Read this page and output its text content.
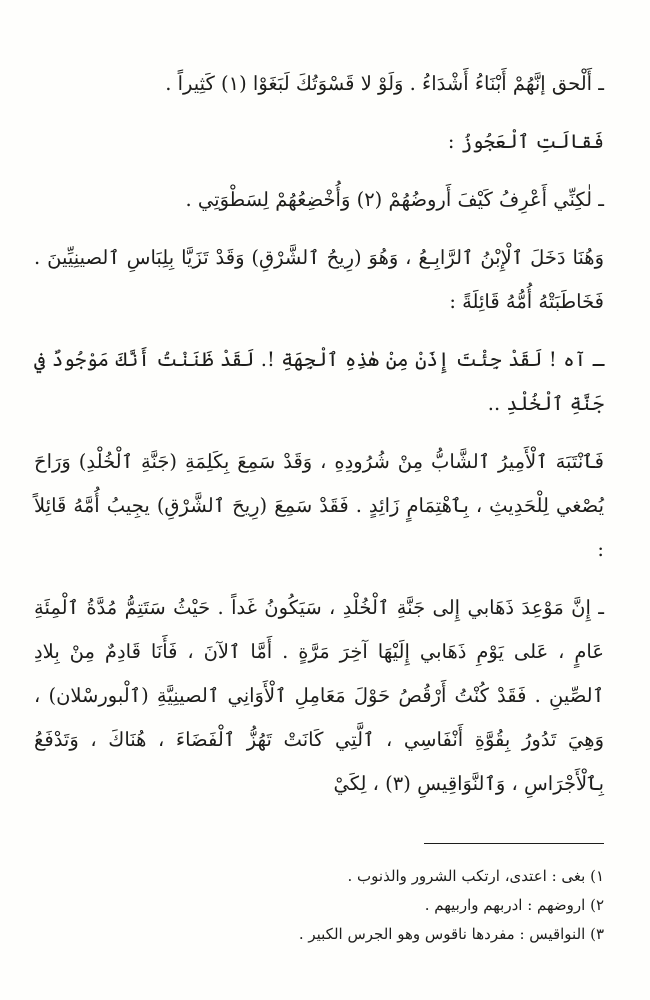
ـ أَلْحق إنَّهُمْ أَبْنَاءُ أَشْدَاءُ . وَلَوْ لا قَسْوَتُكَ لَبَغَوْا (١) كَثِيراً .

فَقالَتِ ٱلْعَجُوزُ :

ـ لٰكِنِّي أَعْرِفُ كَيْفَ أَروضُهُمْ (٢) وَأُخْضِعُهُمْ لِسَطْوَتِي .

وَهُنَا دَخَلَ ٱلْإِبْنُ ٱلرَّابِـعُ ، وَهُوَ (رِيحُ ٱلشَّرْقِ) وَقَدْ تَزَيَّا بِلِبَاسِ ٱلصينِيِّينَ . فَخَاطَبَتْهُ أُمُّهُ قَائِلَةً :

ـ آه ! لَقَدْ جِئْتَ إِذَنْ مِنْ هٰذِهِ ٱلْجِهَةِ !. لَقَدْ ظَنَنْتُ أَنَّكَ مَوْجُودٌ في جَنَّةِ ٱلْخُلْدِ ..

فَٱنْتَبَهَ ٱلْأَمِيرُ ٱلشَّابُّ مِنْ شُرُودِهِ ، وَقَدْ سَمِعَ بِكَلِمَةِ (جَنَّةِ ٱلْخُلْدِ) وَرَاحَ يُصْغي لِلْحَدِيثِ ، بِٱهْتِمَامٍ زَائِدٍ . فَقَدْ سَمِعَ (رِيحَ ٱلشَّرْقِ) يجِيبُ أُمَّهُ قَائِلاً :

ـ إِنَّ مَوْعِدَ ذَهَابي إِلى جَنَّةِ ٱلْخُلْدِ ، سَيَكُونُ غَداً . حَيْثُ سَتَتِمُّ مُدَّةُ ٱلْمِئَةِ عَامٍ ، عَلى يَوْمِ ذَهَابي إِلَيْهَا آخِرَ مَرَّةٍ . أَمَّا ٱلآنَ ، فَأَنَا قَادِمٌ مِنْ بِلادِ ٱلصِّينِ . فَقَدْ كُنْتُ أَرْقُصُ حَوْلَ مَعَامِلِ ٱلْأَوَانِي ٱلصينِيَّةِ (ٱلْبورسْلان) ، وَهِيَ تَدُورُ بِقُوَّةِ أَنْفَاسِي ، ٱلَّتِي كَانَتْ تَهُزُّ ٱلْفَضَاءَ ، هُنَاكَ ، وَتَدْفَعُ بِٱلْأَجْرَاسِ ، وَٱلنَّوَاقِيسِ (٣) ، لِكَيْ

١) بغى : اعتدى، ارتكب الشرور والذنوب .

٢) اروضهم : ادربهم واربيهم .

٣) النواقيس : مفردها ناقوس وهو الجرس الكبير .
